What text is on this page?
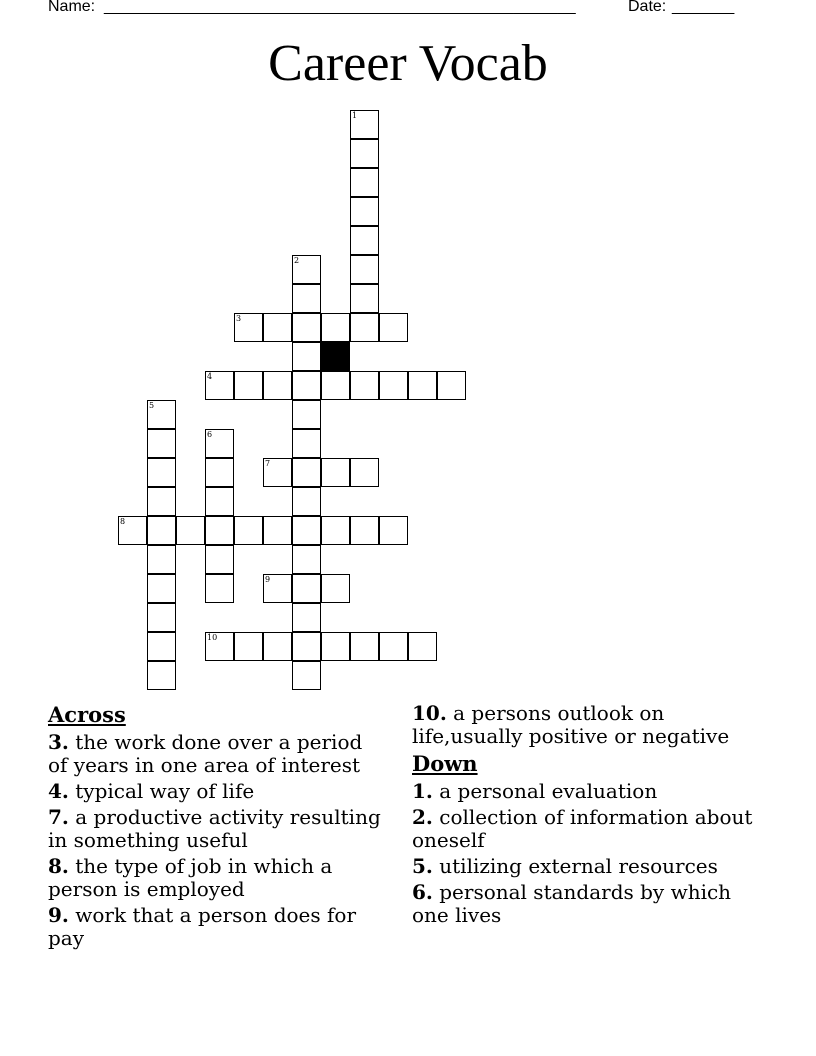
Name: _____________________________________________________	Date: _______
Career Vocab
1
2
3
4
5
6
7
8
9
10
Across
3. the work done over a period of years in one area of interest
4. typical way of life
7. a productive activity resulting in something useful
8. the type of job in which a person is employed
9. work that a person does for pay
10. a persons outlook on life,usually positive or negative
Down
1. a personal evaluation
2. collection of information about oneself
5. utilizing external resources
6. personal standards by which one lives
